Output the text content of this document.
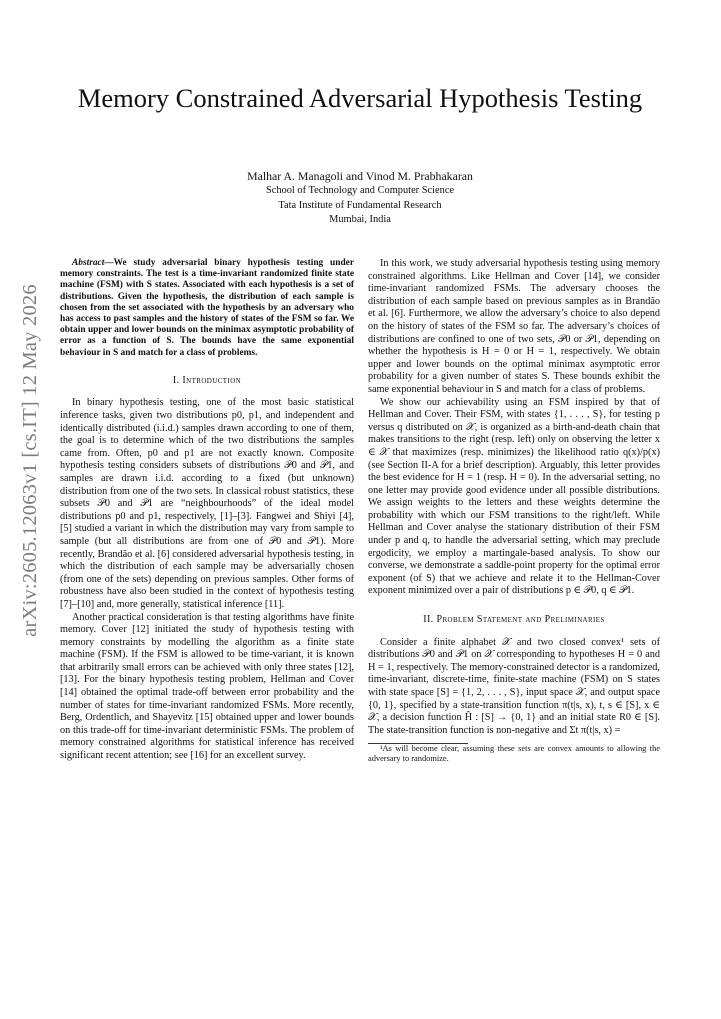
arXiv:2605.12063v1 [cs.IT] 12 May 2026
Memory Constrained Adversarial Hypothesis Testing
Malhar A. Managoli and Vinod M. Prabhakaran
School of Technology and Computer Science
Tata Institute of Fundamental Research
Mumbai, India

Abstract—We study adversarial binary hypothesis testing under memory constraints. The test is a time-invariant randomized finite state machine (FSM) with S states. Associated with each hypothesis is a set of distributions. Given the hypothesis, the distribution of each sample is chosen from the set associated with the hypothesis by an adversary who has access to past samples and the history of states of the FSM so far. We obtain upper and lower bounds on the minimax asymptotic probability of error as a function of S. The bounds have the same exponential behaviour in S and match for a class of problems.

I. Introduction

In binary hypothesis testing, one of the most basic statistical inference tasks, given two distributions p0, p1, and independent and identically distributed (i.i.d.) samples drawn according to one of them, the goal is to determine which of the two distributions the samples came from. Often, p0 and p1 are not exactly known. Composite hypothesis testing considers subsets of distributions 𝒫0 and 𝒫1, and samples are drawn i.i.d. according to a fixed (but unknown) distribution from one of the two sets. In classical robust statistics, these subsets 𝒫0 and 𝒫1 are “neighbourhoods” of the ideal model distributions p0 and p1, respectively, [1]–[3]. Fangwei and Shiyi [4], [5] studied a variant in which the distribution may vary from sample to sample (but all distributions are from one of 𝒫0 and 𝒫1). More recently, Brandão et al. [6] considered adversarial hypothesis testing, in which the distribution of each sample may be adversarially chosen (from one of the sets) depending on previous samples. Other forms of robustness have also been studied in the context of hypothesis testing [7]–[10] and, more generally, statistical inference [11].

Another practical consideration is that testing algorithms have finite memory. Cover [12] initiated the study of hypothesis testing with memory constraints by modelling the algorithm as a finite state machine (FSM). If the FSM is allowed to be time-variant, it is known that arbitrarily small errors can be achieved with only three states [12], [13]. For the binary hypothesis testing problem, Hellman and Cover [14] obtained the optimal trade-off between error probability and the number of states for time-invariant randomized FSMs. More recently, Berg, Ordentlich, and Shayevitz [15] obtained upper and lower bounds on this trade-off for time-invariant deterministic FSMs. The problem of memory constrained algorithms for statistical inference has received significant recent attention; see [16] for an excellent survey.

In this work, we study adversarial hypothesis testing using memory constrained algorithms. Like Hellman and Cover [14], we consider time-invariant randomized FSMs. The adversary chooses the distribution of each sample based on previous samples as in Brandão et al. [6]. Furthermore, we allow the adversary’s choice to also depend on the history of states of the FSM so far. The adversary’s choices of distributions are confined to one of two sets, 𝒫0 or 𝒫1, depending on whether the hypothesis is H = 0 or H = 1, respectively. We obtain upper and lower bounds on the optimal minimax asymptotic error probability for a given number of states S. These bounds exhibit the same exponential behaviour in S and match for a class of problems.

We show our achievability using an FSM inspired by that of Hellman and Cover. Their FSM, with states {1, . . . , S}, for testing p versus q distributed on 𝒳, is organized as a birth-and-death chain that makes transitions to the right (resp. left) only on observing the letter x ∈ 𝒳 that maximizes (resp. minimizes) the likelihood ratio q(x)/p(x) (see Section II-A for a brief description). Arguably, this letter provides the best evidence for H = 1 (resp. H = 0). In the adversarial setting, no one letter may provide good evidence under all possible distributions. We assign weights to the letters and these weights determine the probability with which our FSM transitions to the right/left. While Hellman and Cover analyse the stationary distribution of their FSM under p and q, to handle the adversarial setting, which may preclude ergodicity, we employ a martingale-based analysis. To show our converse, we demonstrate a saddle-point property for the optimal error exponent (of S) that we achieve and relate it to the Hellman-Cover exponent minimized over a pair of distributions p ∈ 𝒫0, q ∈ 𝒫1.

II. Problem Statement and Preliminaries

Consider a finite alphabet 𝒳 and two closed convex¹ sets of distributions 𝒫0 and 𝒫1 on 𝒳 corresponding to hypotheses H = 0 and H = 1, respectively. The memory-constrained detector is a randomized, time-invariant, discrete-time, finite-state machine (FSM) on S states with state space [S] = {1, 2, . . . , S}, input space 𝒳, and output space {0, 1}, specified by a state-transition function π(t|s, x), t, s ∈ [S], x ∈ 𝒳, a decision function Ĥ : [S] → {0, 1} and an initial state R0 ∈ [S]. The state-transition function is non-negative and Σt π(t|s, x) =

¹As will become clear, assuming these sets are convex amounts to allowing the adversary to randomize.
